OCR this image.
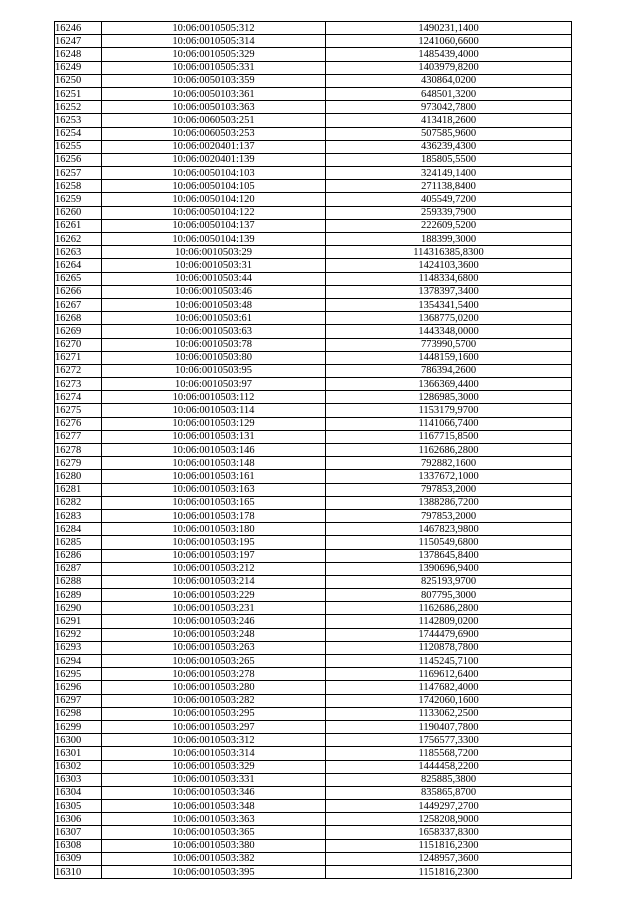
16246	10:06:0010505:312	1490231,1400
16247	10:06:0010505:314	1241060,6600
16248	10:06:0010505:329	1485439,4000
16249	10:06:0010505:331	1403979,8200
16250	10:06:0050103:359	430864,0200
16251	10:06:0050103:361	648501,3200
16252	10:06:0050103:363	973042,7800
16253	10:06:0060503:251	413418,2600
16254	10:06:0060503:253	507585,9600
16255	10:06:0020401:137	436239,4300
16256	10:06:0020401:139	185805,5500
16257	10:06:0050104:103	324149,1400
16258	10:06:0050104:105	271138,8400
16259	10:06:0050104:120	405549,7200
16260	10:06:0050104:122	259339,7900
16261	10:06:0050104:137	222609,5200
16262	10:06:0050104:139	188399,3000
16263	10:06:0010503:29	114316385,8300
16264	10:06:0010503:31	1424103,3600
16265	10:06:0010503:44	1148334,6800
16266	10:06:0010503:46	1378397,3400
16267	10:06:0010503:48	1354341,5400
16268	10:06:0010503:61	1368775,0200
16269	10:06:0010503:63	1443348,0000
16270	10:06:0010503:78	773990,5700
16271	10:06:0010503:80	1448159,1600
16272	10:06:0010503:95	786394,2600
16273	10:06:0010503:97	1366369,4400
16274	10:06:0010503:112	1286985,3000
16275	10:06:0010503:114	1153179,9700
16276	10:06:0010503:129	1141066,7400
16277	10:06:0010503:131	1167715,8500
16278	10:06:0010503:146	1162686,2800
16279	10:06:0010503:148	792882,1600
16280	10:06:0010503:161	1337672,1000
16281	10:06:0010503:163	797853,2000
16282	10:06:0010503:165	1388286,7200
16283	10:06:0010503:178	797853,2000
16284	10:06:0010503:180	1467823,9800
16285	10:06:0010503:195	1150549,6800
16286	10:06:0010503:197	1378645,8400
16287	10:06:0010503:212	1390696,9400
16288	10:06:0010503:214	825193,9700
16289	10:06:0010503:229	807795,3000
16290	10:06:0010503:231	1162686,2800
16291	10:06:0010503:246	1142809,0200
16292	10:06:0010503:248	1744479,6900
16293	10:06:0010503:263	1120878,7800
16294	10:06:0010503:265	1145245,7100
16295	10:06:0010503:278	1169612,6400
16296	10:06:0010503:280	1147682,4000
16297	10:06:0010503:282	1742060,1600
16298	10:06:0010503:295	1133062,2500
16299	10:06:0010503:297	1190407,7800
16300	10:06:0010503:312	1756577,3300
16301	10:06:0010503:314	1185568,7200
16302	10:06:0010503:329	1444458,2200
16303	10:06:0010503:331	825885,3800
16304	10:06:0010503:346	835865,8700
16305	10:06:0010503:348	1449297,2700
16306	10:06:0010503:363	1258208,9000
16307	10:06:0010503:365	1658337,8300
16308	10:06:0010503:380	1151816,2300
16309	10:06:0010503:382	1248957,3600
16310	10:06:0010503:395	1151816,2300
